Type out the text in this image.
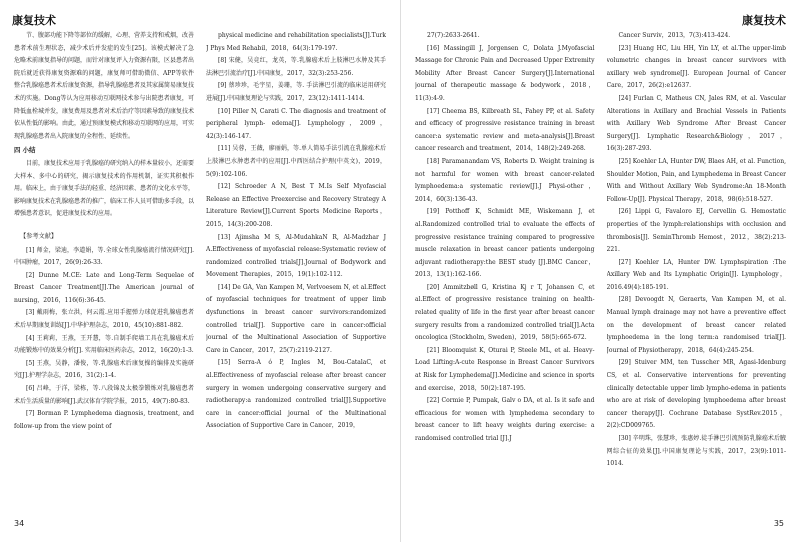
康复技术

节、腹部功能下降等部位的缓解，心理、营养支持和戒烟，改善患者术前生理状态，减少术后并发症的发生[25]。该模式解决了急危略术前康复指导的问题，而针对康复评入力资源有限，区县患者出院后就近获得康复资源难的问题，康复师可借助微信、APP等软件整合乳腺癌患者术后康复资源，指导乳腺癌患者及其家属简易康复技术的实施。Dong等认为应用移动互联网技术参与出院患者康复，可降低血栓城并发，康复费用及患者对术后治疗等因素导致的康复技术依从性低的影响。由此，通过预康复模式和移动互联网的应用，可实现乳腺癌患者出入院康复的全程性、延续性。

四 小结

目前，康复技术应用于乳腺癌的研究纳入的样本量较小，还需要大样本、多中心的研究，揭示康复技术的作用机制，证实其积极作用。临床上，由于康复手法的轻重、经济因素、患者的文化水平等，影响康复技术在乳腺癌患者的推广，临床工作人员可借助多手段，以增强患者意识，促进康复技术的应用。

【参考文献】
[1] 师金，梁迪，李道娟，等.全球女性乳腺癌流行情况研究[J].中国肿瘤，2017，26(9):26-33.
[2] Dunne M.CE: Late and Long-Term Sequelae of Breast Cancer Treatment[J].The American journal of nursing，2016，116(6):36-45.
[3] 戴雨梅，张立洪，何云霞.应用手握弹力球促进乳腺癌患者术后早期康复训练[J].中华护理杂志，2010，45(10):881-882.
[4] 王莉莉，王燕，王开慧，等.自制手爬墙工具在乳腺癌术后功能锻炼中的效果分析[J]. 实用临床医药杂志，2012，16(20):1-3.
[5] 王燕，吴静，潘俊，等.乳腺癌术后康复操的编排及实施研究[J].护理学杂志，2016，31(2):1-4.
[6] 吕峰，于洋，梁栋，等.八段锦及太极拳锻炼对乳腺癌患者术后生活质量的影响[J].武汉体育学院学报，2015，49(7):80-83.
[7] Borman P. Lymphedema diagnosis, treatment, and follow-up from the view point of
physical medicine and rehabilitation specialists[J].Turk J Phys Med Rehabil，2018，64(3):179-197.
[8] 宋健，吴竞红，龙英，等.乳腺癌术后上肢淋巴水肿及其手法淋巴引流治疗[J].中国康复，2017，32(3):253-256.
[9] 蔡珍珍，毛宇星，姜珊，等. 手法淋巴引流的临床运用研究进展[J].中国康复理论与实践，2017，23(12):1411-1414.
[10] Piller N, Carati C. The diagnosis and treatment of peripheral lymph- edema[J]. Lymphology，2009，42(3):146-147.
[11] 吴蓉，王薇，廖丽娟，等.单人简易手法引流在乳腺癌术后上肢淋巴水肿患者中的应用[J].中西医结合护理(中英文)，2019，5(9):102-106.
[12] Schroeder A N, Best T M.Is Self Myofascial Release an Effective Preexercise and Recovery Strategy A Literature Review[J].Current Sports Medicine Reports，2015，14(3):200-208.
[13] Ajimsha M S, Al-MudahkaN R, Al-Madzhar J A.Effectiveness of myofascial release:Systematic review of randomized controlled trials[J].Journal of Bodywork and Movement Therapies，2015，19(1):102-112.
[14] De GA, Van Kampen M, Verlvoesem N, et al.Effect of myofascial techniques for treatment of upper limb dysfunctions in breast cancer survivors:randomized controlled trial[J]. Supportive care in cancer:official journal of the Multinational Association of Supportive Care in Cancer，2017，25(7):2119-2127.
[15] Serra-A ó P, Ingles M, Bou-CatalaC, et al.Effectiveness of myofascial release after breast cancer surgery in women undergoing conservative surgery and radiotherapy:a randomized controlled trial[J].Supportive care in cancer:official journal of the Multinational Association of Supportive Care in Cancer，2019，
34
康复技术
27(7):2633-2641.
[16] Massingill J, Jorgensen C, Dolata J.Myofascial Massage for Chronic Pain and Decreased Upper Extremity Mobility After Breast Cancer Surgery[J].International journal of therapeutic massage & bodywork，2018，11(3):4-9.
[17] Cheema BS, Kilbreath SL, Fahey PP, et al. Safety and efficacy of progressive resistance training in breast cancer:a systematic review and meta-analysis[J].Breast cancer research and treatment，2014，148(2):249-268.
[18] Paramanandam VS, Roberts D. Weight training is not harmful for women with breast cancer-related lymphoedema:a systematic review[J].J Physi-other，2014，60(3):136-43.
[19] Potthoff K, Schmidt ME, Wiskemann J, et al.Randomized controlled trial to evaluate the effects of progressive resistance training compared to progressive muscle relaxation in breast cancer patients undergoing adjuvant radiotherapy:the BEST study [J].BMC Cancer，2013，13(1):162-166.
[20] Ammitzbøll G, Kristina Kj r T, Johansen C, et al.Effect of progressive resistance training on health-related quality of life in the first year after breast cancer surgery results from a randomized controlled trial[J].Acta oncologica (Stockholm, Sweden)，2019，58(5):665-672.
[21] Bloomquist K, Oturai P, Steele ML, et al. Heavy-Load Lifting:A-cute Response in Breast Cancer Survivors at Risk for Lymphedema[J].Medicine and science in sports and exercise，2018，50(2):187-195.
[22] Cormie P, Pumpak, Galv o DA, et al. Is it safe and efficacious for women with lymphedema secondary to breast cancer to lift heavy weights during exercise: a randomised controlled trial [J].J
Cancer Surviv，2013，7(3):413-424.
[23] Huang HC, Liu HH, Yin LY, et al.The upper-limb volumetric changes in breast cancer survivors with axillary web syndrome[J]. European Journal of Cancer Care，2017，26(2):e12637.
[24] Furlan C, Matheus CN, Jales RM, et al. Vascular Alterations in Axillary and Brachial Vessels in Patients with Axillary Web Syndrome After Breast Cancer Surgery[J]. Lymphatic Research&Biology，2017，16(3):287-293.
[25] Koehler LA, Hunter DW, Blaes AH, et al. Function, Shoulder Motion, Pain, and Lymphedema in Breast Cancer With and Without Axillary Web Syndrome:An 18-Month Follow-Up[J]. Physical Therapy，2018，98(6):518-527.
[26] Lippi G, Favaloro EJ, Cervellin G. Hemostatic properties of the lymph:relationships with occlusion and thrombosis[J]. SeminThromb Hemost，2012，38(2):213-221.
[27] Koehler LA, Hunter DW. Lymphspiration :The Axillary Web and Its Lymphatic Origin[J]. Lymphology，2016.49(4):185-191.
[28] Devoogdt N, Geraerts, Van Kampen M, et al. Manual lymph drainage may not have a preventive effect on the development of breast cancer related lymphoedema in the long term:a randomised trial[J]. Journal of Physiotherapy，2018，64(4):245-254.
[29] Stuiver MM, ten Tusscher MR, Agasi-Idenburg CS, et al. Conservative interventions for preventing clinically detectable upper limb lympho-edema in patients who are at risk of developing lymphoedema after breast cancer therapy[J]. Cochrane Database SystRev.2015，2(2):CD009765.
[30] 辛明珠，张慧珍，张惠婷.徒手淋巴引流预防乳腺癌术后腋网综合征的效果[J].中国康复理论与实践，2017，23(9):1011-1014.
35
